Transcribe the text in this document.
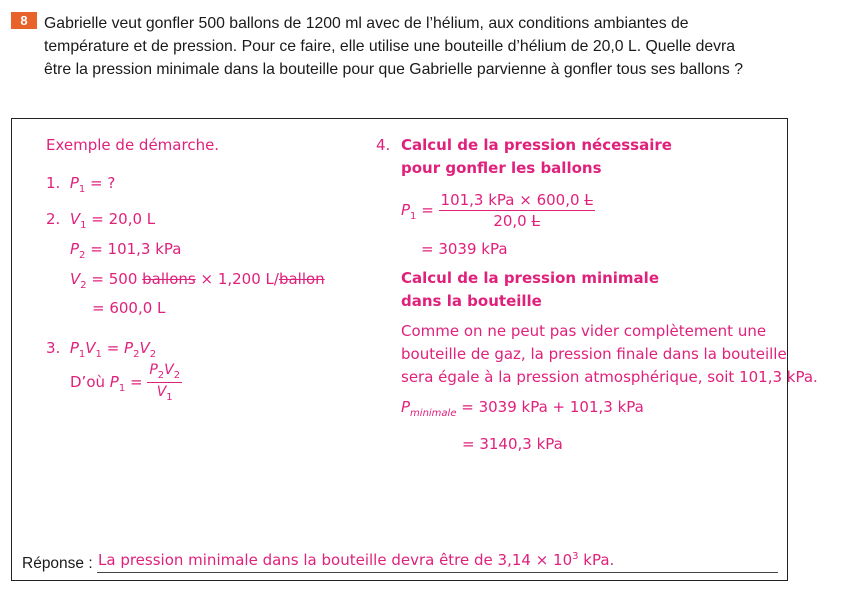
8	Gabrielle veut gonfler 500 ballons de 1200 ml avec de l’hélium, aux conditions ambiantes de température et de pression. Pour ce faire, elle utilise une bouteille d’hélium de 20,0 L. Quelle devra être la pression minimale dans la bouteille pour que Gabrielle parvienne à gonfler tous ses ballons ?
Exemple de démarche.
1. $P_1$ = ?
2. $V_1 = 20,0$ L
$P_2 = 101,3$ kPa
$V_2 = 500$ ballons × 1,200 L/ballon
= 600,0 L
3. $P_1V_1 = P_2V_2$
D’où $P_1 = \frac{P_2V_2}{V_1}$
4. Calcul de la pression nécessaire
pour gonfler les ballons
$P_1 = \frac{\text{101,3 kPa × 600,0 L}}{20,0 L}$
= 3039 kPa
Calcul de la pression minimale
dans la bouteille
Comme on ne peut pas vider complètement une
bouteille de gaz, la pression finale dans la bouteille
sera égale à la pression atmosphérique, soit 101,3 kPa.
$P_{minimale} = 3039$ kPa + 101,3 kPa
= 3140,3 kPa
Réponse : La pression minimale dans la bouteille devra être de $3,14 \times 10^3$ kPa.
